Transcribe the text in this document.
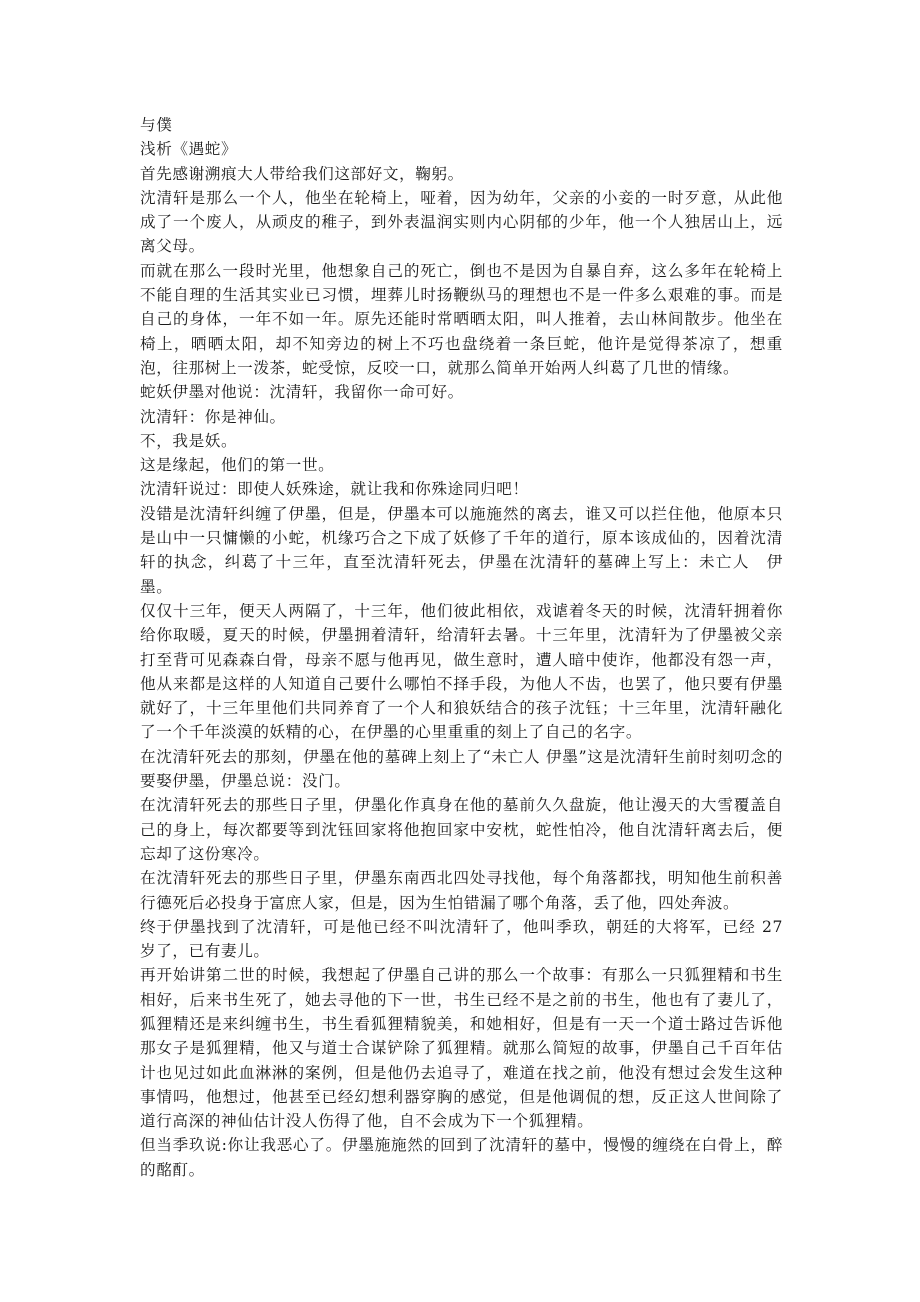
与僕

浅析《遇蛇》

首先感谢溯痕大人带给我们这部好文，鞠躬。

沈清轩是那么一个人，他坐在轮椅上，哑着，因为幼年，父亲的小妾的一时歹意，从此他成了一个废人，从顽皮的稚子，到外表温润实则内心阴郁的少年，他一个人独居山上，远离父母。

而就在那么一段时光里，他想象自己的死亡，倒也不是因为自暴自弃，这么多年在轮椅上不能自理的生活其实业已习惯，埋葬儿时扬鞭纵马的理想也不是一件多么艰难的事。而是自己的身体，一年不如一年。原先还能时常晒晒太阳，叫人推着，去山林间散步。他坐在椅上，晒晒太阳，却不知旁边的树上不巧也盘绕着一条巨蛇，他许是觉得茶凉了，想重泡，往那树上一泼茶，蛇受惊，反咬一口，就那么简单开始两人纠葛了几世的情缘。

蛇妖伊墨对他说：沈清轩，我留你一命可好。

沈清轩：你是神仙。

不，我是妖。

这是缘起，他们的第一世。

沈清轩说过：即使人妖殊途，就让我和你殊途同归吧！

没错是沈清轩纠缠了伊墨，但是，伊墨本可以施施然的离去，谁又可以拦住他，他原本只是山中一只慵懒的小蛇，机缘巧合之下成了妖修了千年的道行，原本该成仙的，因着沈清轩的执念，纠葛了十三年，直至沈清轩死去，伊墨在沈清轩的墓碑上写上：未亡人　伊墨。

仅仅十三年，便天人两隔了，十三年，他们彼此相依，戏谑着冬天的时候，沈清轩拥着你给你取暖，夏天的时候，伊墨拥着清轩，给清轩去暑。十三年里，沈清轩为了伊墨被父亲打至背可见森森白骨，母亲不愿与他再见，做生意时，遭人暗中使诈，他都没有怨一声，他从来都是这样的人知道自己要什么哪怕不择手段，为他人不齿，也罢了，他只要有伊墨就好了，十三年里他们共同养育了一个人和狼妖结合的孩子沈钰；十三年里，沈清轩融化了一个千年淡漠的妖精的心，在伊墨的心里重重的刻上了自己的名字。

在沈清轩死去的那刻，伊墨在他的墓碑上刻上了“未亡人 伊墨”这是沈清轩生前时刻叨念的要娶伊墨，伊墨总说：没门。

在沈清轩死去的那些日子里，伊墨化作真身在他的墓前久久盘旋，他让漫天的大雪覆盖自己的身上，每次都要等到沈钰回家将他抱回家中安枕，蛇性怕冷，他自沈清轩离去后，便忘却了这份寒冷。

在沈清轩死去的那些日子里，伊墨东南西北四处寻找他，每个角落都找，明知他生前积善行德死后必投身于富庶人家，但是，因为生怕错漏了哪个角落，丢了他，四处奔波。

终于伊墨找到了沈清轩，可是他已经不叫沈清轩了，他叫季玖，朝廷的大将军，已经 27 岁了，已有妻儿。

再开始讲第二世的时候，我想起了伊墨自己讲的那么一个故事：有那么一只狐狸精和书生相好，后来书生死了，她去寻他的下一世，书生已经不是之前的书生，他也有了妻儿了，狐狸精还是来纠缠书生，书生看狐狸精貌美，和她相好，但是有一天一个道士路过告诉他那女子是狐狸精，他又与道士合谋铲除了狐狸精。就那么简短的故事，伊墨自己千百年估计也见过如此血淋淋的案例，但是他仍去追寻了，难道在找之前，他没有想过会发生这种事情吗，他想过，他甚至已经幻想利器穿胸的感觉，但是他调侃的想，反正这人世间除了道行高深的神仙估计没人伤得了他，自不会成为下一个狐狸精。

但当季玖说:你让我恶心了。伊墨施施然的回到了沈清轩的墓中，慢慢的缠绕在白骨上，醉的酩酊。
